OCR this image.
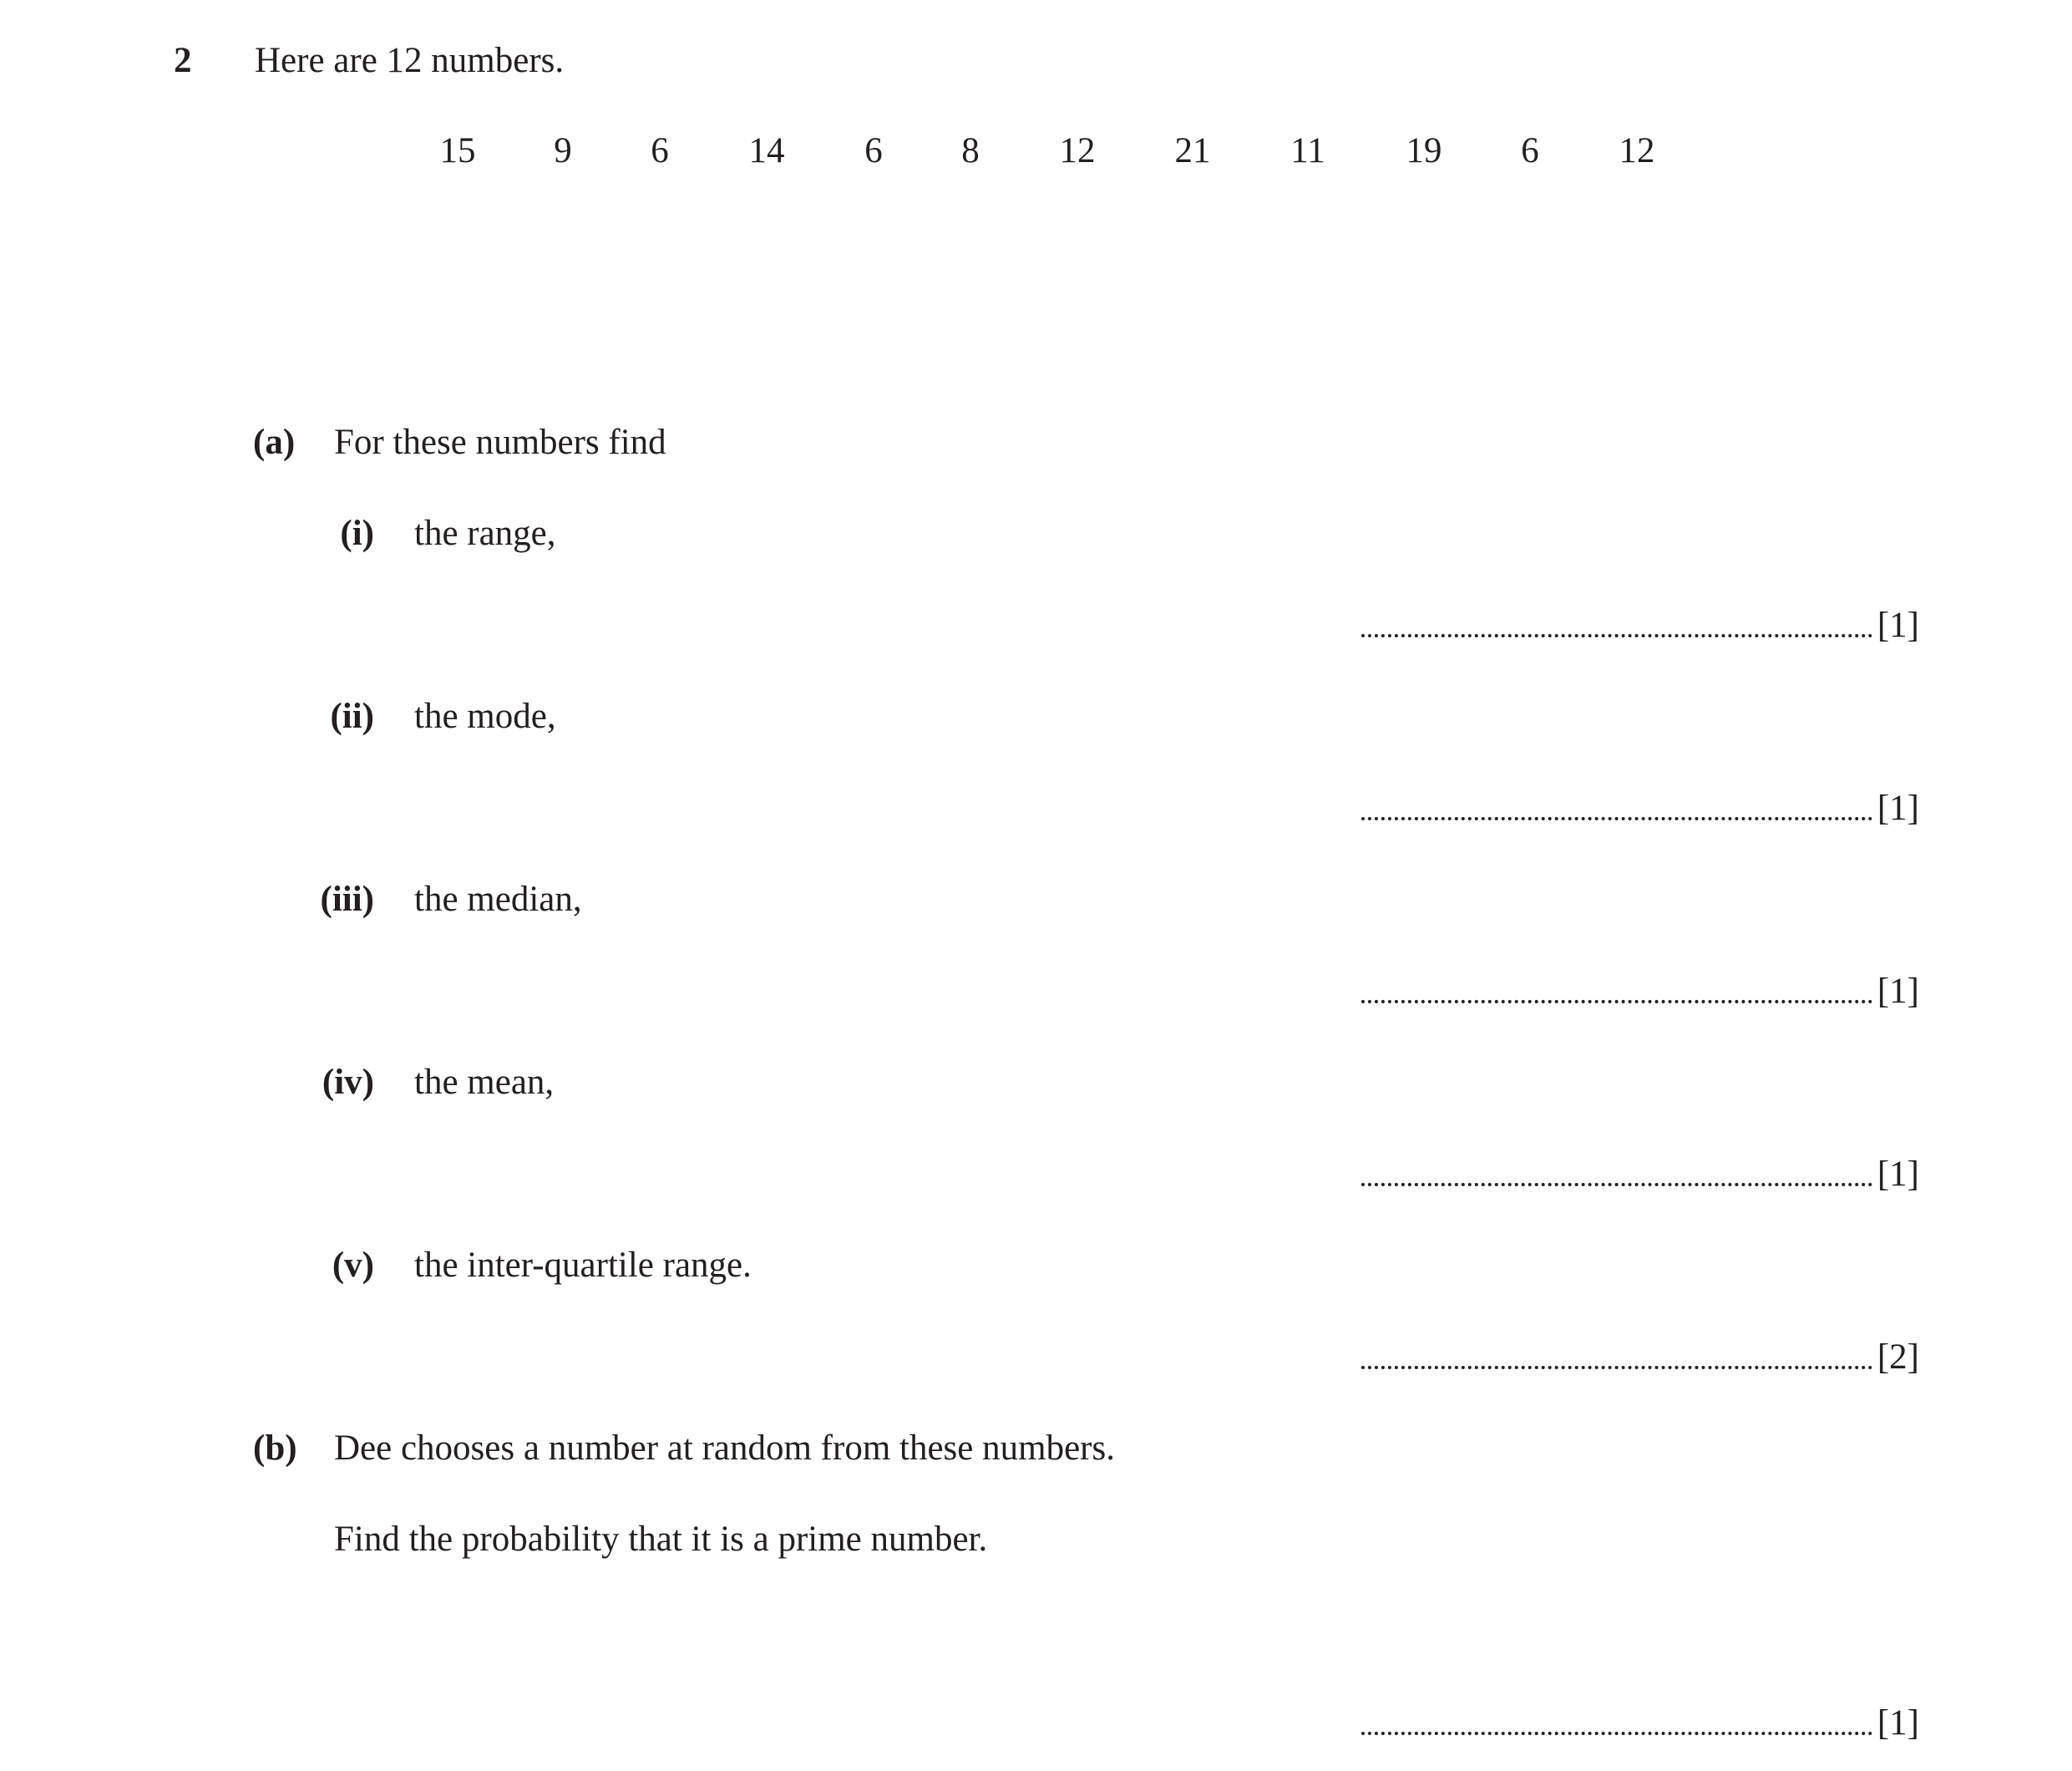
2 Here are 12 numbers.
15 9 6 14 6 8 12 21 11 19 6 12
(a) For these numbers find
(i) the range,
[1]
(ii) the mode,
[1]
(iii) the median,
[1]
(iv) the mean,
[1]
(v) the inter-quartile range.
[2]
(b) Dee chooses a number at random from these numbers.
Find the probability that it is a prime number.
[1]
